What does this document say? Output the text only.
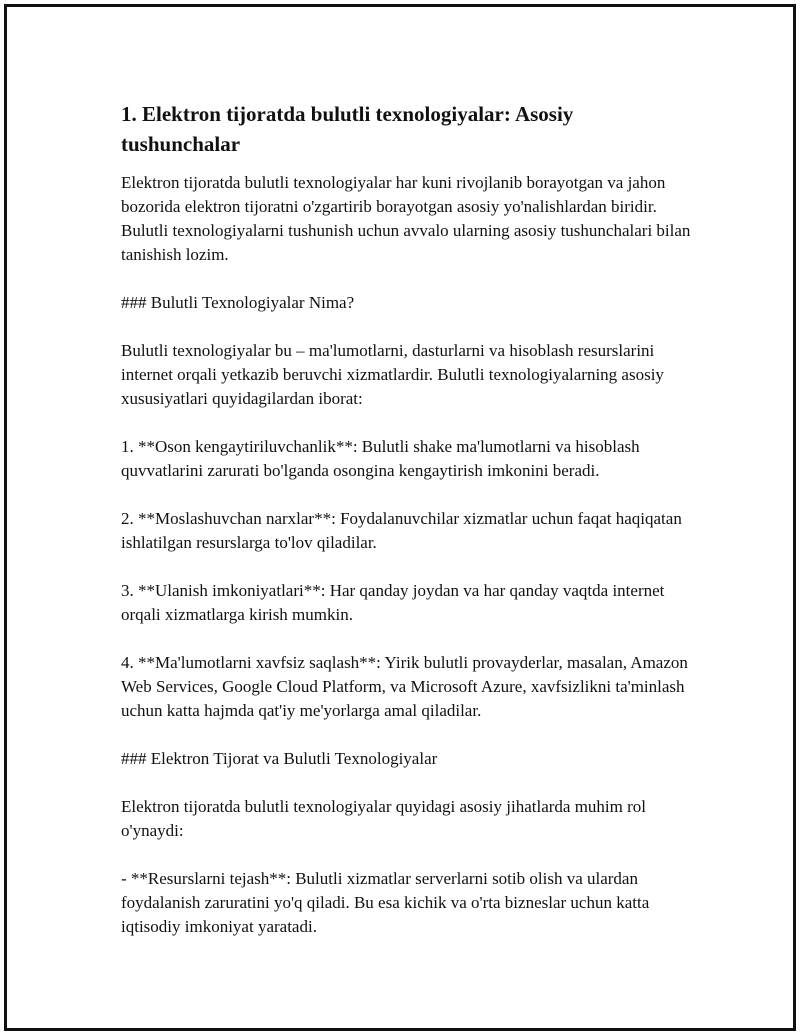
1. Elektron tijoratda bulutli texnologiyalar: Asosiy tushunchalar

Elektron tijoratda bulutli texnologiyalar har kuni rivojlanib borayotgan va jahon bozorida elektron tijoratni o'zgartirib borayotgan asosiy yo'nalishlardan biridir. Bulutli texnologiyalarni tushunish uchun avvalo ularning asosiy tushunchalari bilan tanishish lozim.

### Bulutli Texnologiyalar Nima?

Bulutli texnologiyalar bu – ma'lumotlarni, dasturlarni va hisoblash resurslarini internet orqali yetkazib beruvchi xizmatlardir. Bulutli texnologiyalarning asosiy xususiyatlari quyidagilardan iborat:

1. **Oson kengaytiriluvchanlik**: Bulutli shake ma'lumotlarni va hisoblash quvvatlarini zarurati bo'lganda osongina kengaytirish imkonini beradi.

2. **Moslashuvchan narxlar**: Foydalanuvchilar xizmatlar uchun faqat haqiqatan ishlatilgan resurslarga to'lov qiladilar.

3. **Ulanish imkoniyatlari**: Har qanday joydan va har qanday vaqtda internet orqali xizmatlarga kirish mumkin.

4. **Ma'lumotlarni xavfsiz saqlash**: Yirik bulutli provayderlar, masalan, Amazon Web Services, Google Cloud Platform, va Microsoft Azure, xavfsizlikni ta'minlash uchun katta hajmda qat'iy me'yorlarga amal qiladilar.

### Elektron Tijorat va Bulutli Texnologiyalar

Elektron tijoratda bulutli texnologiyalar quyidagi asosiy jihatlarda muhim rol o'ynaydi:

- **Resurslarni tejash**: Bulutli xizmatlar serverlarni sotib olish va ulardan foydalanish zaruratini yo'q qiladi. Bu esa kichik va o'rta bizneslar uchun katta iqtisodiy imkoniyat yaratadi.
